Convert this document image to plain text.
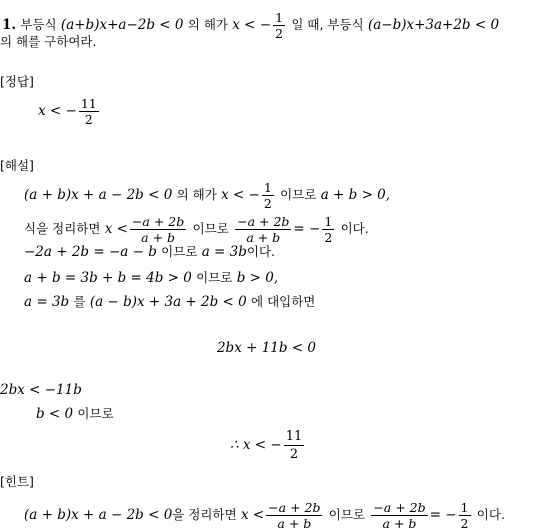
1. 부등식 (a+b)x+a−2b < 0 의 해가 x < − $\frac{1}{2}$ 일 때, 부등식 (a−b)x+3a+2b < 0
의 해를 구하여라.
[정답]
x < − $\frac{11}{2}$
[해설]
(a + b)x + a − 2b < 0 의 해가 x < − $\frac{1}{2}$ 이므로 a + b > 0,
식을 정리하면 $x < \frac{-a + 2b}{a + b}$ 이므로 $\frac{-a + 2b}{a + b}$ = − $\frac{1}{2}$ 이다.
−2a + 2b = −a − b 이므로 a = 3b이다.
a + b = 3b + b = 4b > 0 이므로 b > 0,
a = 3b 를 (a − b)x + 3a + 2b < 0 에 대입하면
2bx + 11b < 0
2bx < −11b
b < 0 이므로
∴ x < − $\frac{11}{2}$
[힌트]
(a + b)x + a − 2b < 0을 정리하면 $x < \frac{-a + 2b}{a + b}$ 이므로 $\frac{-a + 2b}{a + b}$ = − $\frac{1}{2}$ 이다.
